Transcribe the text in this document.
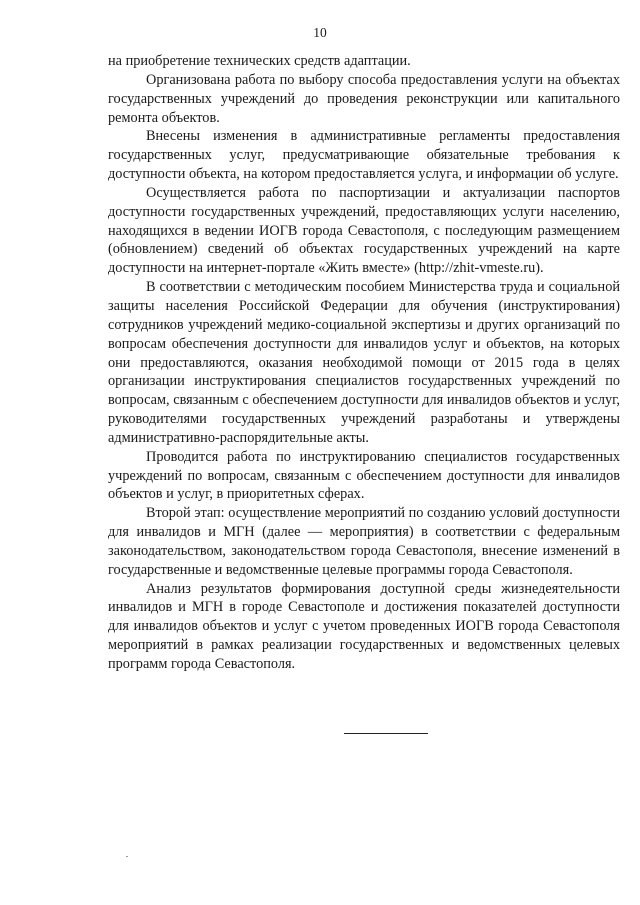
10

на приобретение технических средств адаптации.

Организована работа по выбору способа предоставления услуги на объектах государственных учреждений до проведения реконструкции или капитального ремонта объектов.

Внесены изменения в административные регламенты предоставления государственных услуг, предусматривающие обязательные требования к доступности объекта, на котором предоставляется услуга, и информации об услуге.

Осуществляется работа по паспортизации и актуализации паспортов доступности государственных учреждений, предоставляющих услуги населению, находящихся в ведении ИОГВ города Севастополя, с последующим размещением (обновлением) сведений об объектах государственных учреждений на карте доступности на интернет-портале «Жить вместе» (http://zhit-vmeste.ru).

В соответствии с методическим пособием Министерства труда и социальной защиты населения Российской Федерации для обучения (инструктирования) сотрудников учреждений медико-социальной экспертизы и других организаций по вопросам обеспечения доступности для инвалидов услуг и объектов, на которых они предоставляются, оказания необходимой помощи от 2015 года в целях организации инструктирования специалистов государственных учреждений по вопросам, связанным с обеспечением доступности для инвалидов объектов и услуг, руководителями государственных учреждений разработаны и утверждены административно-распорядительные акты.

Проводится работа по инструктированию специалистов государственных учреждений по вопросам, связанным с обеспечением доступности для инвалидов объектов и услуг, в приоритетных сферах.

Второй этап: осуществление мероприятий по созданию условий доступности для инвалидов и МГН (далее — мероприятия) в соответствии с федеральным законодательством, законодательством города Севастополя, внесение изменений в государственные и ведомственные целевые программы города Севастополя.

Анализ результатов формирования доступной среды жизнедеятельности инвалидов и МГН в городе Севастополе и достижения показателей доступности для инвалидов объектов и услуг с учетом проведенных ИОГВ города Севастополя мероприятий в рамках реализации государственных и ведомственных целевых программ города Севастополя.
